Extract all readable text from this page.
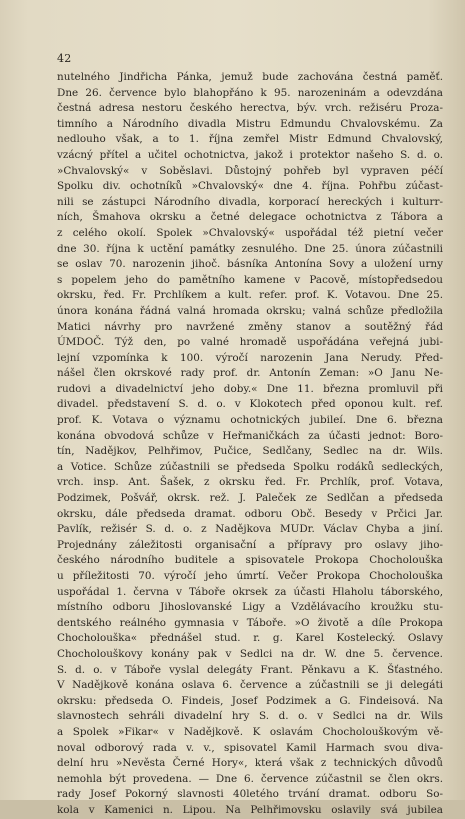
42
nutelného Jindřicha Pánka, jemuž bude zachována čestná paměť.
Dne 26. července bylo blahopřáno k 95. narozeninám a odevzdána
čestná adresa nestoru českého herectva, býv. vrch. režiséru Proza-
timního a Národního divadla Mistru Edmundu Chvalovskému. Za
nedlouho však, a to 1. října zemřel Mistr Edmund Chvalovský,
vzácný přítel a učitel ochotnictva, jakož i protektor našeho S. d. o.
»Chvalovský« v Soběslavi. Důstojný pohřeb byl vypraven péčí
Spolku div. ochotníků »Chvalovský« dne 4. října. Pohřbu zúčast-
nili se zástupci Národního divadla, korporací hereckých i kulturr-
ních, Šmahova okrsku a četné delegace ochotnictva z Tábora a
z celého okolí. Spolek »Chvalovský« uspořádal též pietní večer
dne 30. října k uctění památky zesnulého. Dne 25. února zúčastnili
se oslav 70. narozenin jihoč. básníka Antonína Sovy a uložení urny
s popelem jeho do pamětního kamene v Pacově, místopředsedou
okrsku, řed. Fr. Prchlíkem a kult. refer. prof. K. Votavou. Dne 25.
února konána řádná valná hromada okrsku; valná schůze předložila
Matici návrhy pro navržené změny stanov a soutěžný řád
ÚMDOČ. Týž den, po valné hromadě uspořádána veřejná jubi-
lejní vzpomínka k 100. výročí narozenin Jana Nerudy. Před-
nášel člen okrskové rady prof. dr. Antonín Zeman: »O Janu Ne-
rudovi a divadelnictví jeho doby.« Dne 11. března promluvil při
divadel. představení S. d. o. v Klokotech před oponou kult. ref.
prof. K. Votava o významu ochotnických jubileí. Dne 6. března
konána obvodová schůze v Heřmaničkách za účasti jednot: Boro-
tín, Nadějkov, Pelhřimov, Pučice, Sedlčany, Sedlec na dr. Wils.
a Votice. Schůze zúčastnili se předseda Spolku rodáků sedleckých,
vrch. insp. Ant. Šašek, z okrsku řed. Fr. Prchlík, prof. Votava,
Podzimek, Pošvář, okrsk. rež. J. Paleček ze Sedlčan a předseda
okrsku, dále předseda dramat. odboru Obč. Besedy v Prčici Jar.
Pavlík, režisér S. d. o. z Nadějkova MUDr. Václav Chyba a jiní.
Projednány záležitosti organisační a přípravy pro oslavy jiho-
českého národního buditele a spisovatele Prokopa Chocholouška
u příležitosti 70. výročí jeho úmrtí. Večer Prokopa Chocholouška
uspořádal 1. června v Táboře okrsek za účasti Hlaholu táborského,
místního odboru Jihoslovanské Ligy a Vzdělávacího kroužku stu-
dentského reálného gymnasia v Táboře. »O životě a díle Prokopa
Chocholouška« přednášel stud. r. g. Karel Kostelecký. Oslavy
Chocholouškovy konány pak v Sedlci na dr. W. dne 5. července.
S. d. o. v Táboře vyslal delegáty Frant. Pěnkavu a K. Šťastného.
V Nadějkově konána oslava 6. července a zúčastnili se ji delegáti
okrsku: předseda O. Findeis, Josef Podzimek a G. Findeisová. Na
slavnostech sehráli divadelní hry S. d. o. v Sedlci na dr. Wils
a Spolek »Fikar« v Nadějkově. K oslavám Chocholouškovým vě-
noval odborový rada v. v., spisovatel Kamil Harmach svou diva-
delní hru »Nevěsta Černé Hory«, která však z technických důvodů
nemohla být provedena. — Dne 6. července zúčastnil se člen okrs.
rady Josef Pokorný slavnosti 40letého trvání dramat. odboru So-
kola v Kamenici n. Lipou. Na Pelhřimovsku oslavily svá jubilea
